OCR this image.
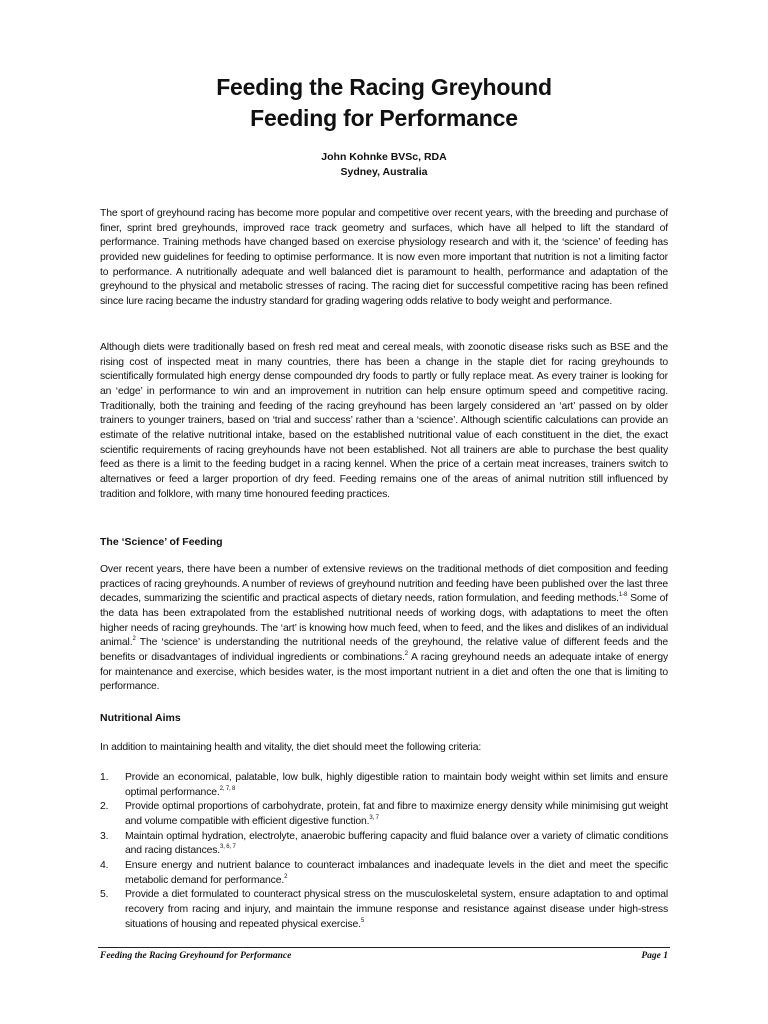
Feeding the Racing Greyhound
Feeding for Performance
John Kohnke BVSc, RDA
Sydney, Australia

The sport of greyhound racing has become more popular and competitive over recent years, with the breeding and purchase of finer, sprint bred greyhounds, improved race track geometry and surfaces, which have all helped to lift the standard of performance. Training methods have changed based on exercise physiology research and with it, the ‘science’ of feeding has provided new guidelines for feeding to optimise performance. It is now even more important that nutrition is not a limiting factor to performance. A nutritionally adequate and well balanced diet is paramount to health, performance and adaptation of the greyhound to the physical and metabolic stresses of racing. The racing diet for successful competitive racing has been refined since lure racing became the industry standard for grading wagering odds relative to body weight and performance.

Although diets were traditionally based on fresh red meat and cereal meals, with zoonotic disease risks such as BSE and the rising cost of inspected meat in many countries, there has been a change in the staple diet for racing greyhounds to scientifically formulated high energy dense compounded dry foods to partly or fully replace meat. As every trainer is looking for an ‘edge’ in performance to win and an improvement in nutrition can help ensure optimum speed and competitive racing. Traditionally, both the training and feeding of the racing greyhound has been largely considered an ‘art’ passed on by older trainers to younger trainers, based on ‘trial and success’ rather than a ‘science’. Although scientific calculations can provide an estimate of the relative nutritional intake, based on the established nutritional value of each constituent in the diet, the exact scientific requirements of racing greyhounds have not been established. Not all trainers are able to purchase the best quality feed as there is a limit to the feeding budget in a racing kennel. When the price of a certain meat increases, trainers switch to alternatives or feed a larger proportion of dry feed. Feeding remains one of the areas of animal nutrition still influenced by tradition and folklore, with many time honoured feeding practices.

The ‘Science’ of Feeding

Over recent years, there have been a number of extensive reviews on the traditional methods of diet composition and feeding practices of racing greyhounds. A number of reviews of greyhound nutrition and feeding have been published over the last three decades, summarizing the scientific and practical aspects of dietary needs, ration formulation, and feeding methods.$^{1-8}$ Some of the data has been extrapolated from the established nutritional needs of working dogs, with adaptations to meet the often higher needs of racing greyhounds. The ‘art’ is knowing how much feed, when to feed, and the likes and dislikes of an individual animal.$^2$ The ‘science’ is understanding the nutritional needs of the greyhound, the relative value of different feeds and the benefits or disadvantages of individual ingredients or combinations.$^2$ A racing greyhound needs an adequate intake of energy for maintenance and exercise, which besides water, is the most important nutrient in a diet and often the one that is limiting to performance.

Nutritional Aims

In addition to maintaining health and vitality, the diet should meet the following criteria:

1. Provide an economical, palatable, low bulk, highly digestible ration to maintain body weight within set limits and ensure optimal performance.$^{2, 7, 8}$
2. Provide optimal proportions of carbohydrate, protein, fat and fibre to maximize energy density while minimising gut weight and volume compatible with efficient digestive function.$^{3, 7}$
3. Maintain optimal hydration, electrolyte, anaerobic buffering capacity and fluid balance over a variety of climatic conditions and racing distances.$^{3, 6, 7}$
4. Ensure energy and nutrient balance to counteract imbalances and inadequate levels in the diet and meet the specific metabolic demand for performance.$^2$
5. Provide a diet formulated to counteract physical stress on the musculoskeletal system, ensure adaptation to and optimal recovery from racing and injury, and maintain the immune response and resistance against disease under high-stress situations of housing and repeated physical exercise.$^5$
Feeding the Racing Greyhound for Performance	Page 1
